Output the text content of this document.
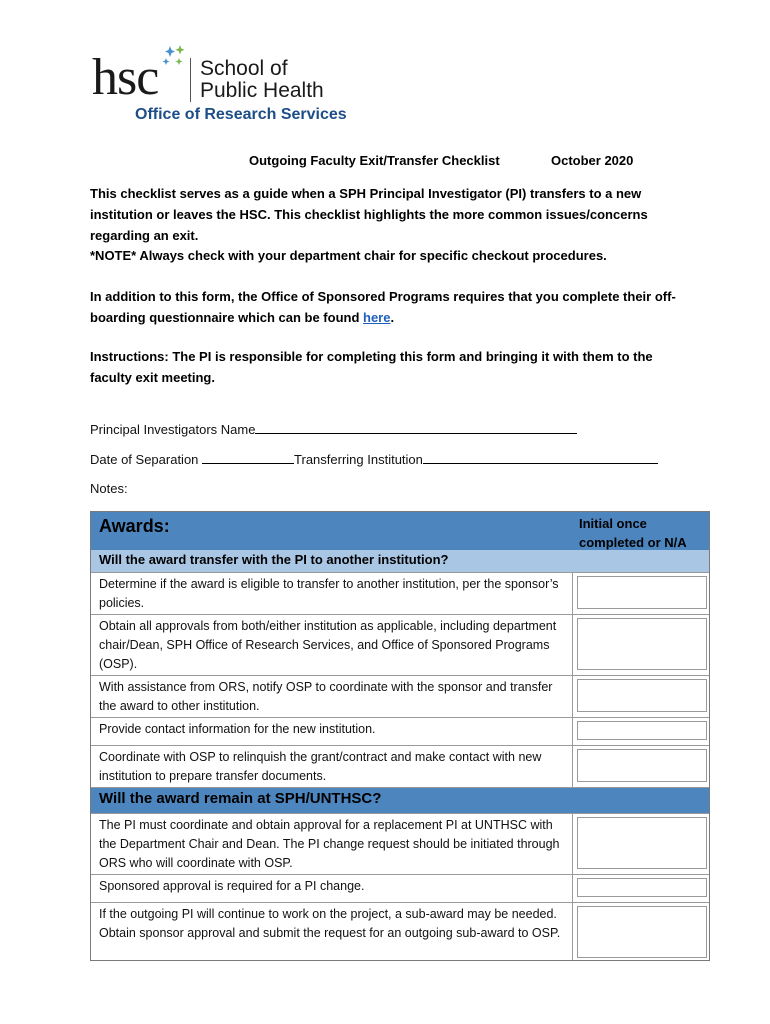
hsc School of
Public Health
Office of Research Services
Outgoing Faculty Exit/Transfer Checklist	October 2020
This checklist serves as a guide when a SPH Principal Investigator (PI) transfers to a new institution or leaves the HSC. This checklist highlights the more common issues/concerns regarding an exit.
*NOTE* Always check with your department chair for specific checkout procedures.
In addition to this form, the Office of Sponsored Programs requires that you complete their off-boarding questionnaire which can be found here.
Instructions: The PI is responsible for completing this form and bringing it with them to the faculty exit meeting.
Principal Investigators Name
Date of Separation	Transferring Institution
Notes:
Awards:	Initial once completed or N/A
Will the award transfer with the PI to another institution?
Determine if the award is eligible to transfer to another institution, per the sponsor’s policies.
Obtain all approvals from both/either institution as applicable, including department chair/Dean, SPH Office of Research Services, and Office of Sponsored Programs (OSP).
With assistance from ORS, notify OSP to coordinate with the sponsor and transfer the award to other institution.
Provide contact information for the new institution.
Coordinate with OSP to relinquish the grant/contract and make contact with new institution to prepare transfer documents.
Will the award remain at SPH/UNTHSC?
The PI must coordinate and obtain approval for a replacement PI at UNTHSC with the Department Chair and Dean. The PI change request should be initiated through ORS who will coordinate with OSP.
Sponsored approval is required for a PI change.
If the outgoing PI will continue to work on the project, a sub-award may be needed. Obtain sponsor approval and submit the request for an outgoing sub-award to OSP.
